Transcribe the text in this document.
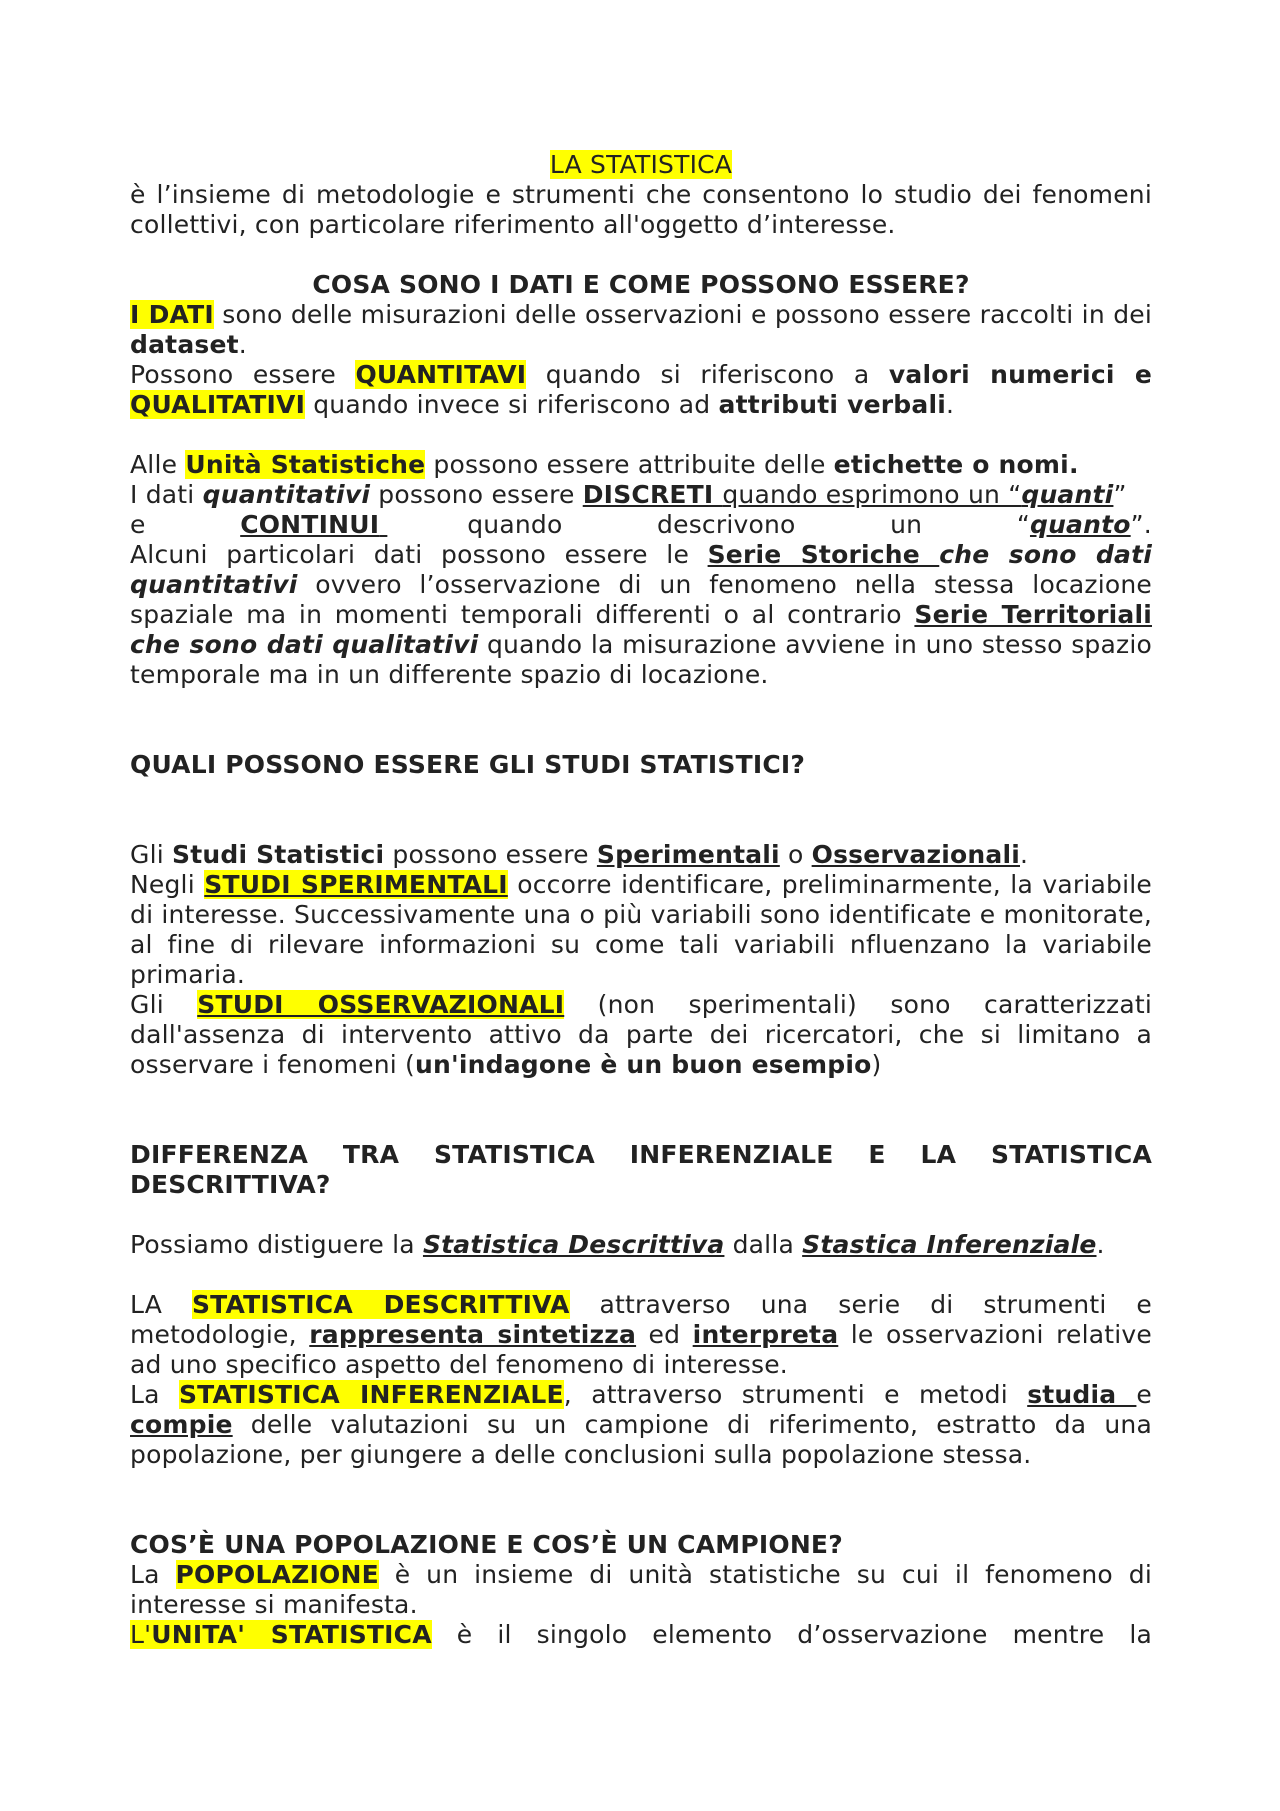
LA STATISTICA

è l’insieme di metodologie e strumenti che consentono lo studio dei fenomeni collettivi, con particolare riferimento all'oggetto d’interesse.

COSA SONO I DATI E COME POSSONO ESSERE?

I DATI sono delle misurazioni delle osservazioni e possono essere raccolti in dei dataset.

Possono essere QUANTITAVI quando si riferiscono a valori numerici e QUALITATIVI quando invece si riferiscono ad attributi verbali.

Alle Unità Statistiche possono essere attribuite delle etichette o nomi.

I dati quantitativi possono essere DISCRETI quando esprimono un “quanti”

e	CONTINUI	quando	descrivono	un	“quanto”.

Alcuni particolari dati possono essere le Serie Storiche che sono dati quantitativi ovvero l’osservazione di un fenomeno nella stessa locazione spaziale ma in momenti temporali differenti o al contrario Serie Territoriali che sono dati qualitativi quando la misurazione avviene in uno stesso spazio temporale ma in un differente spazio di locazione.

QUALI POSSONO ESSERE GLI STUDI STATISTICI?

Gli Studi Statistici possono essere Sperimentali o Osservazionali.

Negli STUDI SPERIMENTALI occorre identificare, preliminarmente, la variabile di interesse. Successivamente una o più variabili sono identificate e monitorate, al fine di rilevare informazioni su come tali variabili nfluenzano la variabile primaria.

Gli STUDI OSSERVAZIONALI (non sperimentali) sono caratterizzati dall'assenza di intervento attivo da parte dei ricercatori, che si limitano a osservare i fenomeni (un'indagone è un buon esempio)

DIFFERENZA TRA STATISTICA INFERENZIALE E LA STATISTICA DESCRITTIVA?

Possiamo distiguere la Statistica Descrittiva dalla Stastica Inferenziale.

LA STATISTICA DESCRITTIVA attraverso una serie di strumenti e metodologie, rappresenta sintetizza ed interpreta le osservazioni relative ad uno specifico aspetto del fenomeno di interesse.

La STATISTICA INFERENZIALE, attraverso strumenti e metodi studia e compie delle valutazioni su un campione di riferimento, estratto da una popolazione, per giungere a delle conclusioni sulla popolazione stessa.

COS’È UNA POPOLAZIONE E COS’È UN CAMPIONE?

La POPOLAZIONE è un insieme di unità statistiche su cui il fenomeno di interesse si manifesta.

L'UNITA' STATISTICA è il singolo elemento d’osservazione mentre la
